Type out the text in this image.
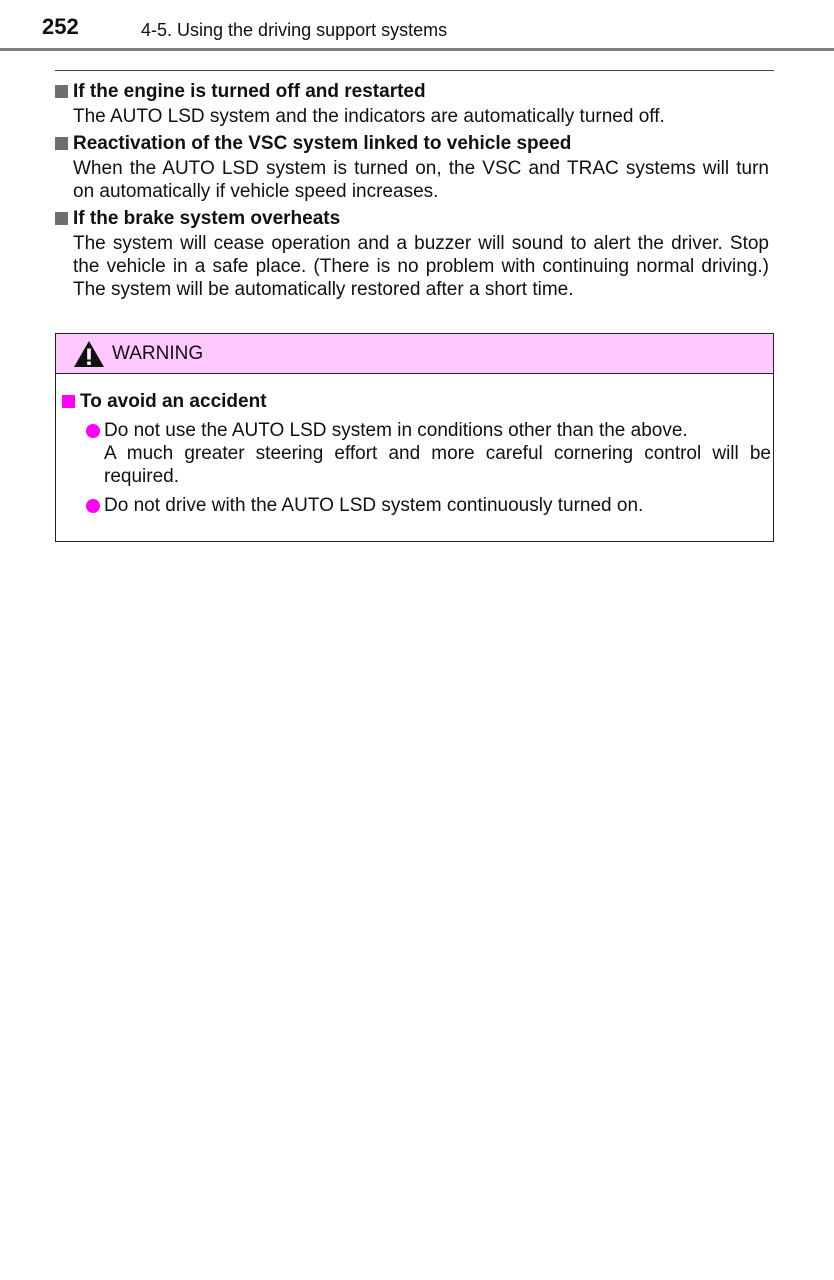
252	4-5. Using the driving support systems
If the engine is turned off and restarted
The AUTO LSD system and the indicators are automatically turned off.
Reactivation of the VSC system linked to vehicle speed
When the AUTO LSD system is turned on, the VSC and TRAC systems will turn on automatically if vehicle speed increases.
If the brake system overheats
The system will cease operation and a buzzer will sound to alert the driver. Stop the vehicle in a safe place. (There is no problem with continuing normal driving.) The system will be automatically restored after a short time.
WARNING
To avoid an accident
Do not use the AUTO LSD system in conditions other than the above.
A much greater steering effort and more careful cornering control will be required.
Do not drive with the AUTO LSD system continuously turned on.
